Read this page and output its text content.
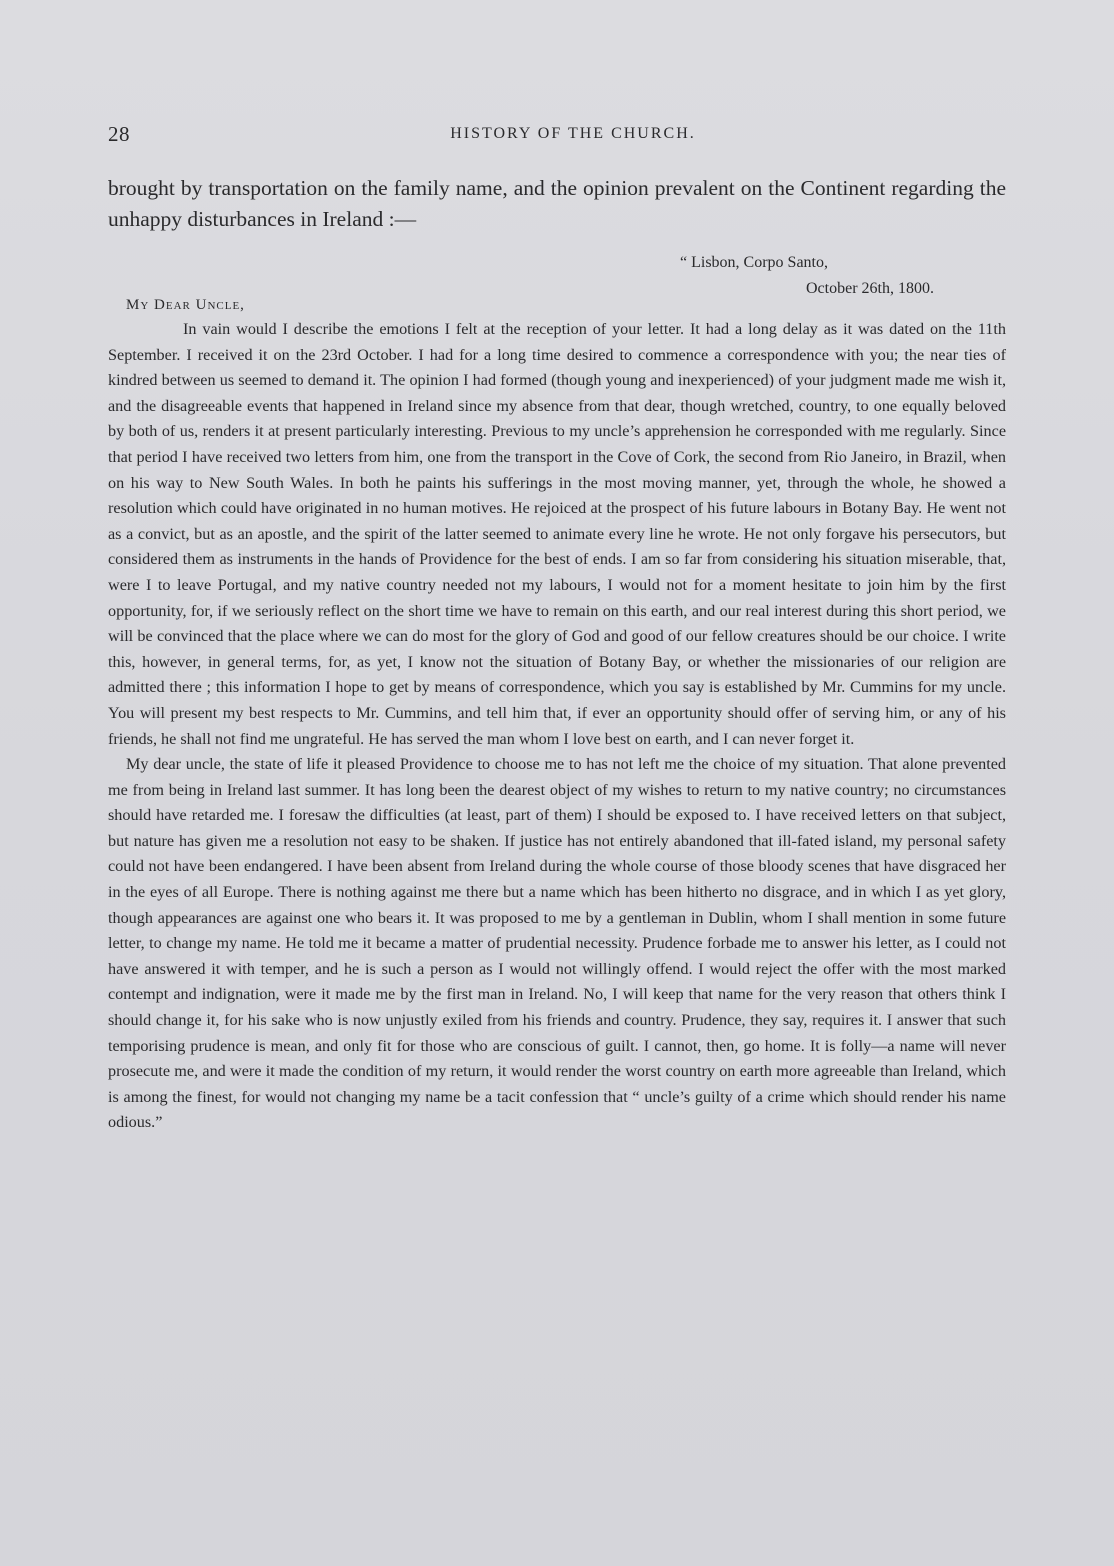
28	HISTORY OF THE CHURCH.
brought by transportation on the family name, and the opinion prevalent on the Continent regarding the unhappy disturbances in Ireland :—
“ Lisbon, Corpo Santo,
October 26th, 1800.
My Dear Uncle,

In vain would I describe the emotions I felt at the reception of your letter. It had a long delay as it was dated on the 11th September. I received it on the 23rd October. I had for a long time desired to commence a correspondence with you; the near ties of kindred between us seemed to demand it. The opinion I had formed (though young and inexperienced) of your judgment made me wish it, and the disagreeable events that happened in Ireland since my absence from that dear, though wretched, country, to one equally beloved by both of us, renders it at present particularly interesting. Previous to my uncle’s apprehension he corresponded with me regularly. Since that period I have received two letters from him, one from the transport in the Cove of Cork, the second from Rio Janeiro, in Brazil, when on his way to New South Wales. In both he paints his sufferings in the most moving manner, yet, through the whole, he showed a resolution which could have originated in no human motives. He rejoiced at the prospect of his future labours in Botany Bay. He went not as a convict, but as an apostle, and the spirit of the latter seemed to animate every line he wrote. He not only forgave his persecutors, but considered them as instruments in the hands of Providence for the best of ends. I am so far from considering his situation miserable, that, were I to leave Portugal, and my native country needed not my labours, I would not for a moment hesitate to join him by the first opportunity, for, if we seriously reflect on the short time we have to remain on this earth, and our real interest during this short period, we will be convinced that the place where we can do most for the glory of God and good of our fellow creatures should be our choice. I write this, however, in general terms, for, as yet, I know not the situation of Botany Bay, or whether the missionaries of our religion are admitted there ; this information I hope to get by means of correspondence, which you say is established by Mr. Cummins for my uncle. You will present my best respects to Mr. Cummins, and tell him that, if ever an opportunity should offer of serving him, or any of his friends, he shall not find me ungrateful. He has served the man whom I love best on earth, and I can never forget it.

My dear uncle, the state of life it pleased Providence to choose me to has not left me the choice of my situation. That alone prevented me from being in Ireland last summer. It has long been the dearest object of my wishes to return to my native country; no circumstances should have retarded me. I foresaw the difficulties (at least, part of them) I should be exposed to. I have received letters on that subject, but nature has given me a resolution not easy to be shaken. If justice has not entirely abandoned that ill-fated island, my personal safety could not have been endangered. I have been absent from Ireland during the whole course of those bloody scenes that have disgraced her in the eyes of all Europe. There is nothing against me there but a name which has been hitherto no disgrace, and in which I as yet glory, though appearances are against one who bears it. It was proposed to me by a gentleman in Dublin, whom I shall mention in some future letter, to change my name. He told me it became a matter of prudential necessity. Prudence forbade me to answer his letter, as I could not have answered it with temper, and he is such a person as I would not willingly offend. I would reject the offer with the most marked contempt and indignation, were it made me by the first man in Ireland. No, I will keep that name for the very reason that others think I should change it, for his sake who is now unjustly exiled from his friends and country. Prudence, they say, requires it. I answer that such temporising prudence is mean, and only fit for those who are conscious of guilt. I cannot, then, go home. It is folly—a name will never prosecute me, and were it made the condition of my return, it would render the worst country on earth more agreeable than Ireland, which is among the finest, for would not changing my name be a tacit confession that “ uncle’s guilty of a crime which should render his name odious.”
